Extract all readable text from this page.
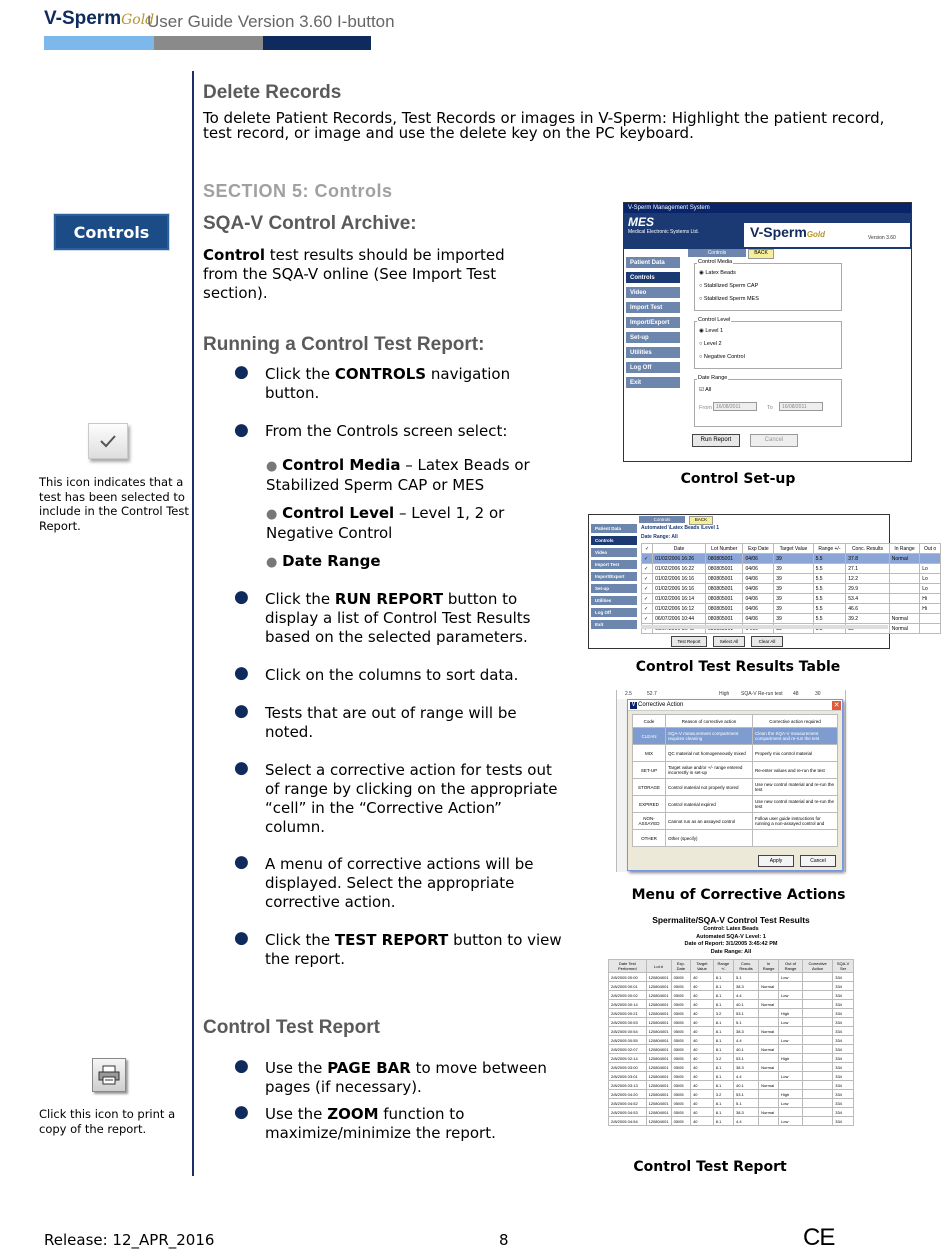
V-SpermGold
User Guide Version 3.60 I-button
Delete Records

To delete Patient Records, Test Records or images in V-Sperm: Highlight the patient record, test record, or image and use the delete key on the PC keyboard.

SECTION 5: Controls
Controls	SQA-V Control Archive:

Control test results should be imported from the SQA-V online (See Import Test section).

Running a Control Test Report:
● Click the CONTROLS navigation button.

● From the Controls screen select:

● Control Media – Latex Beads or Stabilized Sperm CAP or MES

● Control Level – Level 1, 2 or Negative Control

● Date Range

● Click the RUN REPORT button to display a list of Control Test Results based on the selected parameters.

● Click on the columns to sort data.

● Tests that are out of range will be noted.

● Select a corrective action for tests out of range by clicking on the appropriate “cell” in the “Corrective Action” column.

● A menu of corrective actions will be displayed. Select the appropriate corrective action.

● Click the TEST REPORT button to view the report.

Control Test Report
● Use the PAGE BAR to move between pages (if necessary).

● Use the ZOOM function to maximize/minimize the report.

This icon indicates that a test has been selected to include in the Control Test Report.
Click this icon to print a copy of the report.
V-Sperm Management System
MES
Medical Electronic Systems Ltd.	V-SpermGold	Version 3.60
Controls	BACK
Patient Data
Controls
Video
Import Test
Import/Export
Set-up
Utilities
Log Off
Exit
Control Media
◉ Latex Beads
○ Stabilized Sperm CAP
○ Stabilized Sperm MES
Control Level
◉ Level 1
○ Level 2
○ Negative Control
Date Range
☑ All
From 16/08/2011	To	16/08/2011
Run Report	Cancel
Control Set-up
Controls	BACK
Patient Data
Controls
Video
Import Test
Import/Export
Set-up
Utilities
Log Off
Exit
Automated \Latex Beads \Level 1
Date Range: All
✓	Date	Lot Number	Exp Date	Target Value	Range +/-	Conc. Results	In Range	Out o
✓	01/02/2006 16:26	080805001	04/06	39	5.5	37.8	Normal	
✓	01/02/2006 16:22	080805001	04/06	39	5.5	27.1		Lo
✓	01/02/2006 16:16	080805001	04/06	39	5.5	12.2		Lo
✓	01/02/2006 16:16	080805001	04/06	39	5.5	29.9		Lo
✓	01/02/2006 16:14	080805001	04/06	39	5.5	53.4		Hi
✓	01/02/2006 16:12	080805001	04/06	39	5.5	46.6		Hi
✓	06/07/2006 10:44	080805001	04/06	39	5.5	39.2	Normal	
							Normal	
Test Report	Select All	Clear All
Control Test Results Table
2.5	52.7	High SQA-V Re-run test 48	30
Corrective Action
V	✕
Code	Reason of corrective action	Corrective action required
CLEAN	SQA-V measurement compartment requires cleaning	Clean the SQA-V measurement compartment and re-run the test
MIX	QC material not homogeneously mixed	Properly mix control material
SET-UP	Target value and/or +/- range entered incorrectly in set-up	Re-enter values and re-run the test
STORAGE	Control material not properly stored	Use new control material and re-run the test
EXPIRED	Control material expired	Use new control material and re-run the test
NON-ASSAYED	Cannot run as an assayed control	Follow user guide instructions for running a non-assayed control and
OTHER	Other (specify)	
Apply	Cancel
Menu of Corrective Actions
Spermalite/SQA-V Control Test Results
Control: Latex Beads
Automated SQA-V Level: 1
Date of Report: 3/1/2005 3:45:42 PM
Date Range: All
Date Test Performed	Lot #	Exp. Date	Target Value	Range +/-	Conc. Results	In Range	Out of Range	Corrective Action	SQA-V Ser
2/8/2005 00:00	120804001	05/05	40	8.1	5.1		Low		334
2/8/2005 00:01	120804001	05/05	40	8.1	38.3	Normal			334
2/8/2005 00:02	120804001	05/05	40	8.1	4.4		Low		334
2/8/2005 00:14	120804001	05/05	40	8.1	40.1	Normal			334
2/8/2005 00:21	120804001	05/05	40	3.2	53.1		High		334
2/8/2005 00:53	120804001	05/05	40	8.1	5.1		Low		334
2/8/2005 00:54	120804001	05/05	40	8.1	38.3	Normal			334
2/8/2005 00:55	120804001	05/05	40	8.1	4.4		Low		334
2/8/2005 02:07	120804001	05/05	40	8.1	40.1	Normal			334
2/8/2005 02:14	120804001	05/05	40	3.2	53.1		High		334
2/8/2005 03:00	120804001	05/05	40	8.1	38.3	Normal			334
2/8/2005 03:01	120804001	05/05	40	8.1	4.4		Low		334
2/8/2005 03:13	120804001	05/05	40	8.1	40.1	Normal			334
2/8/2005 04:20	120804001	05/05	40	3.2	53.1		High		334
2/8/2005 04:52	120804001	05/05	40	8.1	5.1		Low		334
2/8/2005 04:53	120804001	05/05	40	8.1	38.3	Normal			334
2/8/2005 04:54	120804001	05/05	40	8.1	4.4		Low		334
Control Test Report
Release: 12_APR_2016	8	CE
